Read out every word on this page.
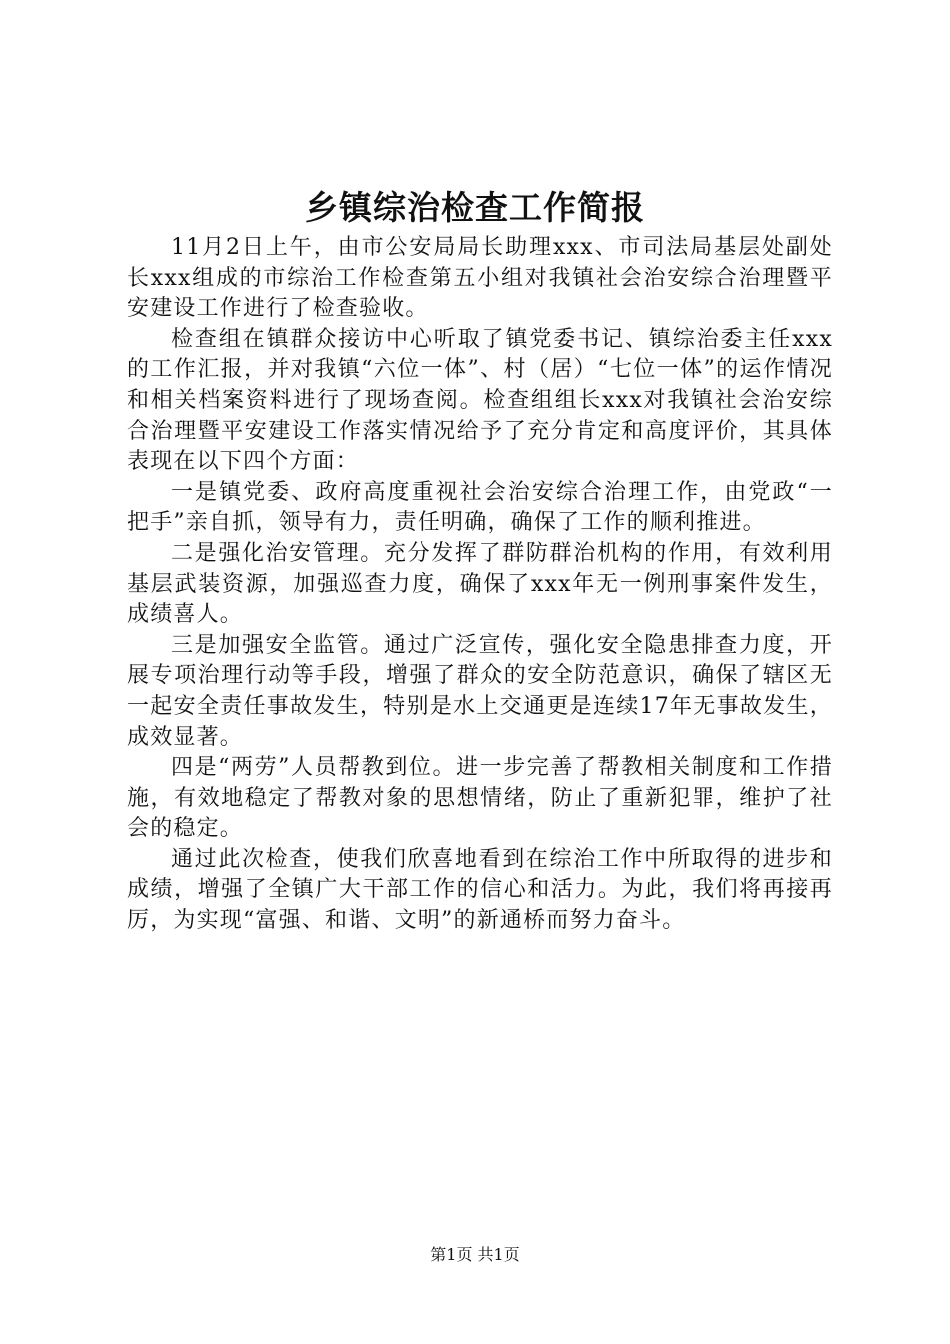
乡镇综治检查工作简报

11月2日上午，由市公安局局长助理xxx、市司法局基层处副处长xxx组成的市综治工作检查第五小组对我镇社会治安综合治理暨平安建设工作进行了检查验收。

检查组在镇群众接访中心听取了镇党委书记、镇综治委主任xxx的工作汇报，并对我镇“六位一体”、村（居）“七位一体”的运作情况和相关档案资料进行了现场查阅。检查组组长xxx对我镇社会治安综合治理暨平安建设工作落实情况给予了充分肯定和高度评价，其具体表现在以下四个方面：

一是镇党委、政府高度重视社会治安综合治理工作，由党政“一把手”亲自抓，领导有力，责任明确，确保了工作的顺利推进。

二是强化治安管理。充分发挥了群防群治机构的作用，有效利用基层武装资源，加强巡查力度，确保了xxx年无一例刑事案件发生，成绩喜人。

三是加强安全监管。通过广泛宣传，强化安全隐患排查力度，开展专项治理行动等手段，增强了群众的安全防范意识，确保了辖区无一起安全责任事故发生，特别是水上交通更是连续17年无事故发生，成效显著。

四是“两劳”人员帮教到位。进一步完善了帮教相关制度和工作措施，有效地稳定了帮教对象的思想情绪，防止了重新犯罪，维护了社会的稳定。

通过此次检查，使我们欣喜地看到在综治工作中所取得的进步和成绩，增强了全镇广大干部工作的信心和活力。为此，我们将再接再厉，为实现“富强、和谐、文明”的新通桥而努力奋斗。

第1页 共1页
